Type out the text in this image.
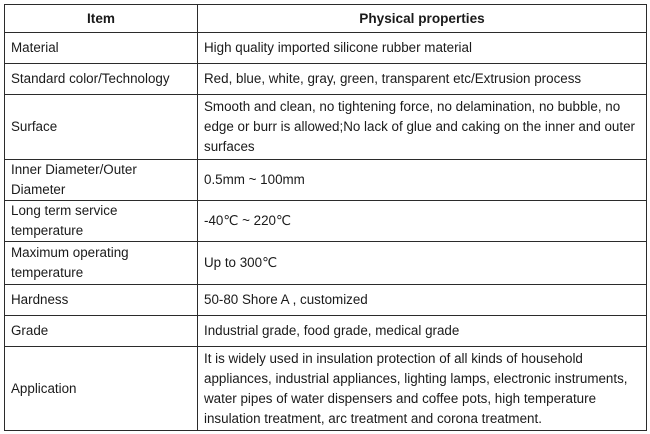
Item	Physical properties
Material	High quality imported silicone rubber material
Standard color/Technology	Red, blue, white, gray, green, transparent etc/Extrusion process
Surface	Smooth and clean, no tightening force, no delamination, no bubble, no edge or burr is allowed;No lack of glue and caking on the inner and outer surfaces
Inner Diameter/Outer Diameter	0.5mm ~ 100mm
Long term service temperature	-40℃ ~ 220℃
Maximum operating temperature	Up to 300℃
Hardness	50-80 Shore A , customized
Grade	Industrial grade, food grade, medical grade
Application	It is widely used in insulation protection of all kinds of household appliances, industrial appliances, lighting lamps, electronic instruments, water pipes of water dispensers and coffee pots, high temperature insulation treatment, arc treatment and corona treatment.
